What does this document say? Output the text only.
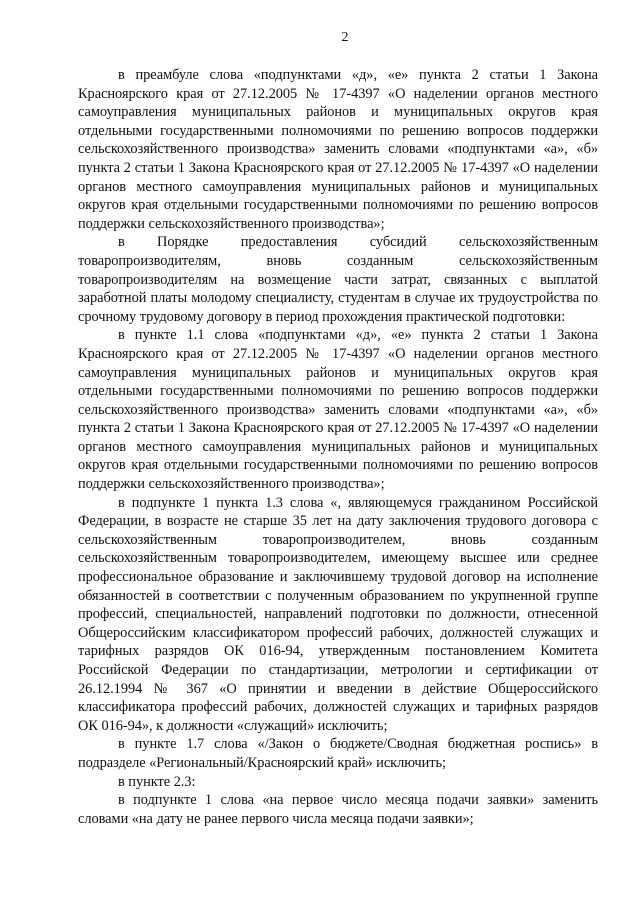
2

в преамбуле слова «подпунктами «д», «е» пункта 2 статьи 1 Закона Красноярского края от 27.12.2005 № 17-4397 «О наделении органов местного самоуправления муниципальных районов и муниципальных округов края отдельными государственными полномочиями по решению вопросов поддержки сельскохозяйственного производства» заменить словами «подпунктами «а», «б» пункта 2 статьи 1 Закона Красноярского края от 27.12.2005 № 17-4397 «О наделении органов местного самоуправления муниципальных районов и муниципальных округов края отдельными государственными полномочиями по решению вопросов поддержки сельскохозяйственного производства»;

в Порядке предоставления субсидий сельскохозяйственным товаропроизводителям, вновь созданным сельскохозяйственным товаропроизводителям на возмещение части затрат, связанных с выплатой заработной платы молодому специалисту, студентам в случае их трудоустройства по срочному трудовому договору в период прохождения практической подготовки:

в пункте 1.1 слова «подпунктами «д», «е» пункта 2 статьи 1 Закона Красноярского края от 27.12.2005 № 17-4397 «О наделении органов местного самоуправления муниципальных районов и муниципальных округов края отдельными государственными полномочиями по решению вопросов поддержки сельскохозяйственного производства» заменить словами «подпунктами «а», «б» пункта 2 статьи 1 Закона Красноярского края от 27.12.2005 № 17-4397 «О наделении органов местного самоуправления муниципальных районов и муниципальных округов края отдельными государственными полномочиями по решению вопросов поддержки сельскохозяйственного производства»;

в подпункте 1 пункта 1.3 слова «, являющемуся гражданином Российской Федерации, в возрасте не старше 35 лет на дату заключения трудового договора с сельскохозяйственным товаропроизводителем, вновь созданным сельскохозяйственным товаропроизводителем, имеющему высшее или среднее профессиональное образование и заключившему трудовой договор на исполнение обязанностей в соответствии с полученным образованием по укрупненной группе профессий, специальностей, направлений подготовки по должности, отнесенной Общероссийским классификатором профессий рабочих, должностей служащих и тарифных разрядов ОК 016-94, утвержденным постановлением Комитета Российской Федерации по стандартизации, метрологии и сертификации от 26.12.1994 № 367 «О принятии и введении в действие Общероссийского классификатора профессий рабочих, должностей служащих и тарифных разрядов ОК 016-94», к должности «служащий» исключить;

в пункте 1.7 слова «/Закон о бюджете/Сводная бюджетная роспись» в подразделе «Региональный/Красноярский край» исключить;

в пункте 2.3:

в подпункте 1 слова «на первое число месяца подачи заявки» заменить словами «на дату не ранее первого числа месяца подачи заявки»;
